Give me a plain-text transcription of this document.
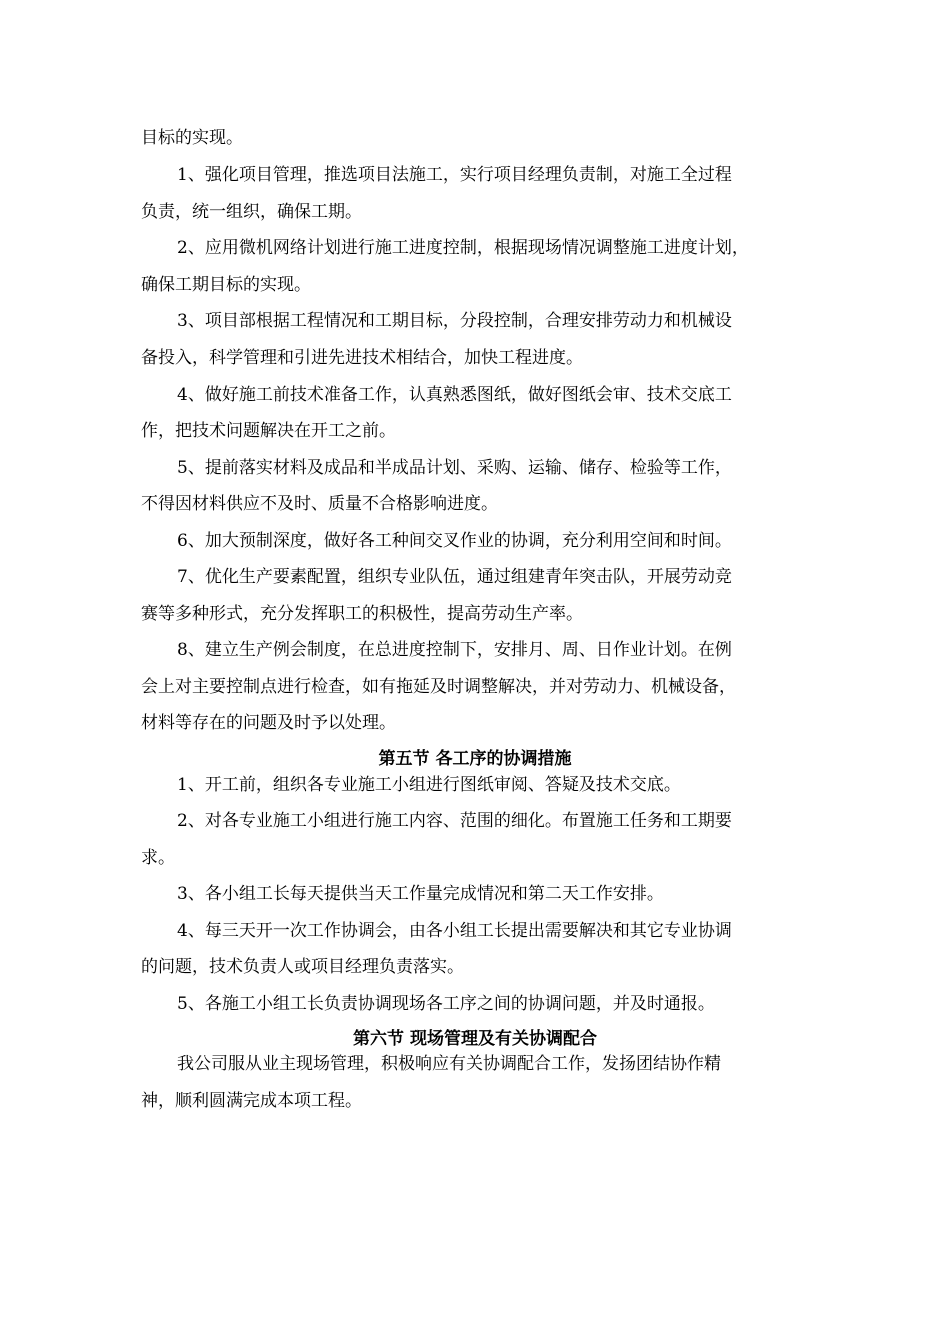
目标的实现。
1、强化项目管理，推选项目法施工，实行项目经理负责制，对施工全过程
负责，统一组织，确保工期。
2、应用微机网络计划进行施工进度控制，根据现场情况调整施工进度计划，
确保工期目标的实现。
3、项目部根据工程情况和工期目标，分段控制，合理安排劳动力和机械设
备投入，科学管理和引进先进技术相结合，加快工程进度。
4、做好施工前技术准备工作，认真熟悉图纸，做好图纸会审、技术交底工
作，把技术问题解决在开工之前。
5、提前落实材料及成品和半成品计划、采购、运输、储存、检验等工作，
不得因材料供应不及时、质量不合格影响进度。
6、加大预制深度，做好各工种间交叉作业的协调，充分利用空间和时间。
7、优化生产要素配置，组织专业队伍，通过组建青年突击队，开展劳动竞
赛等多种形式，充分发挥职工的积极性，提高劳动生产率。
8、建立生产例会制度，在总进度控制下，安排月、周、日作业计划。在例
会上对主要控制点进行检查，如有拖延及时调整解决，并对劳动力、机械设备，
材料等存在的问题及时予以处理。
第五节 各工序的协调措施
1、开工前，组织各专业施工小组进行图纸审阅、答疑及技术交底。
2、对各专业施工小组进行施工内容、范围的细化。布置施工任务和工期要
求。
3、各小组工长每天提供当天工作量完成情况和第二天工作安排。
4、每三天开一次工作协调会，由各小组工长提出需要解决和其它专业协调
的问题，技术负责人或项目经理负责落实。
5、各施工小组工长负责协调现场各工序之间的协调问题，并及时通报。
第六节 现场管理及有关协调配合
我公司服从业主现场管理，积极响应有关协调配合工作，发扬团结协作精
神，顺利圆满完成本项工程。
